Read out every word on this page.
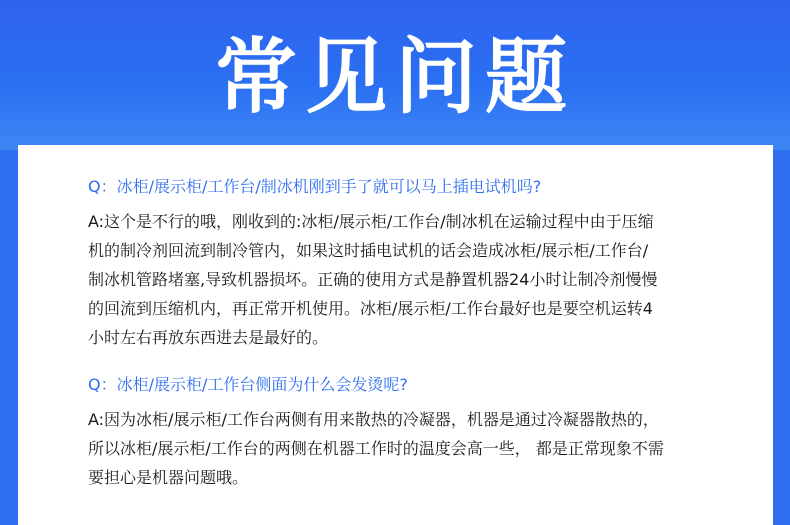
常见问题
Q：冰柜/展示柜/工作台/制冰机刚到手了就可以马上插电试机吗?
A:这个是不行的哦，刚收到的:冰柜/展示柜/工作台/制冰机在运输过程中由于压缩
机的制冷剂回流到制冷管内，如果这时插电试机的话会造成冰柜/展示柜/工作台/
制冰机管路堵塞,导致机器损坏。正确的使用方式是静置机器24小时让制冷剂慢慢
的回流到压缩机内，再正常开机使用。冰柜/展示柜/工作台最好也是要空机运转4
小时左右再放东西进去是最好的。
Q：冰柜/展示柜/工作台侧面为什么会发烫呢?
A:因为冰柜/展示柜/工作台两侧有用来散热的冷凝器，机器是通过冷凝器散热的，
所以冰柜/展示柜/工作台的两侧在机器工作时的温度会高一些， 都是正常现象不需
要担心是机器问题哦。
